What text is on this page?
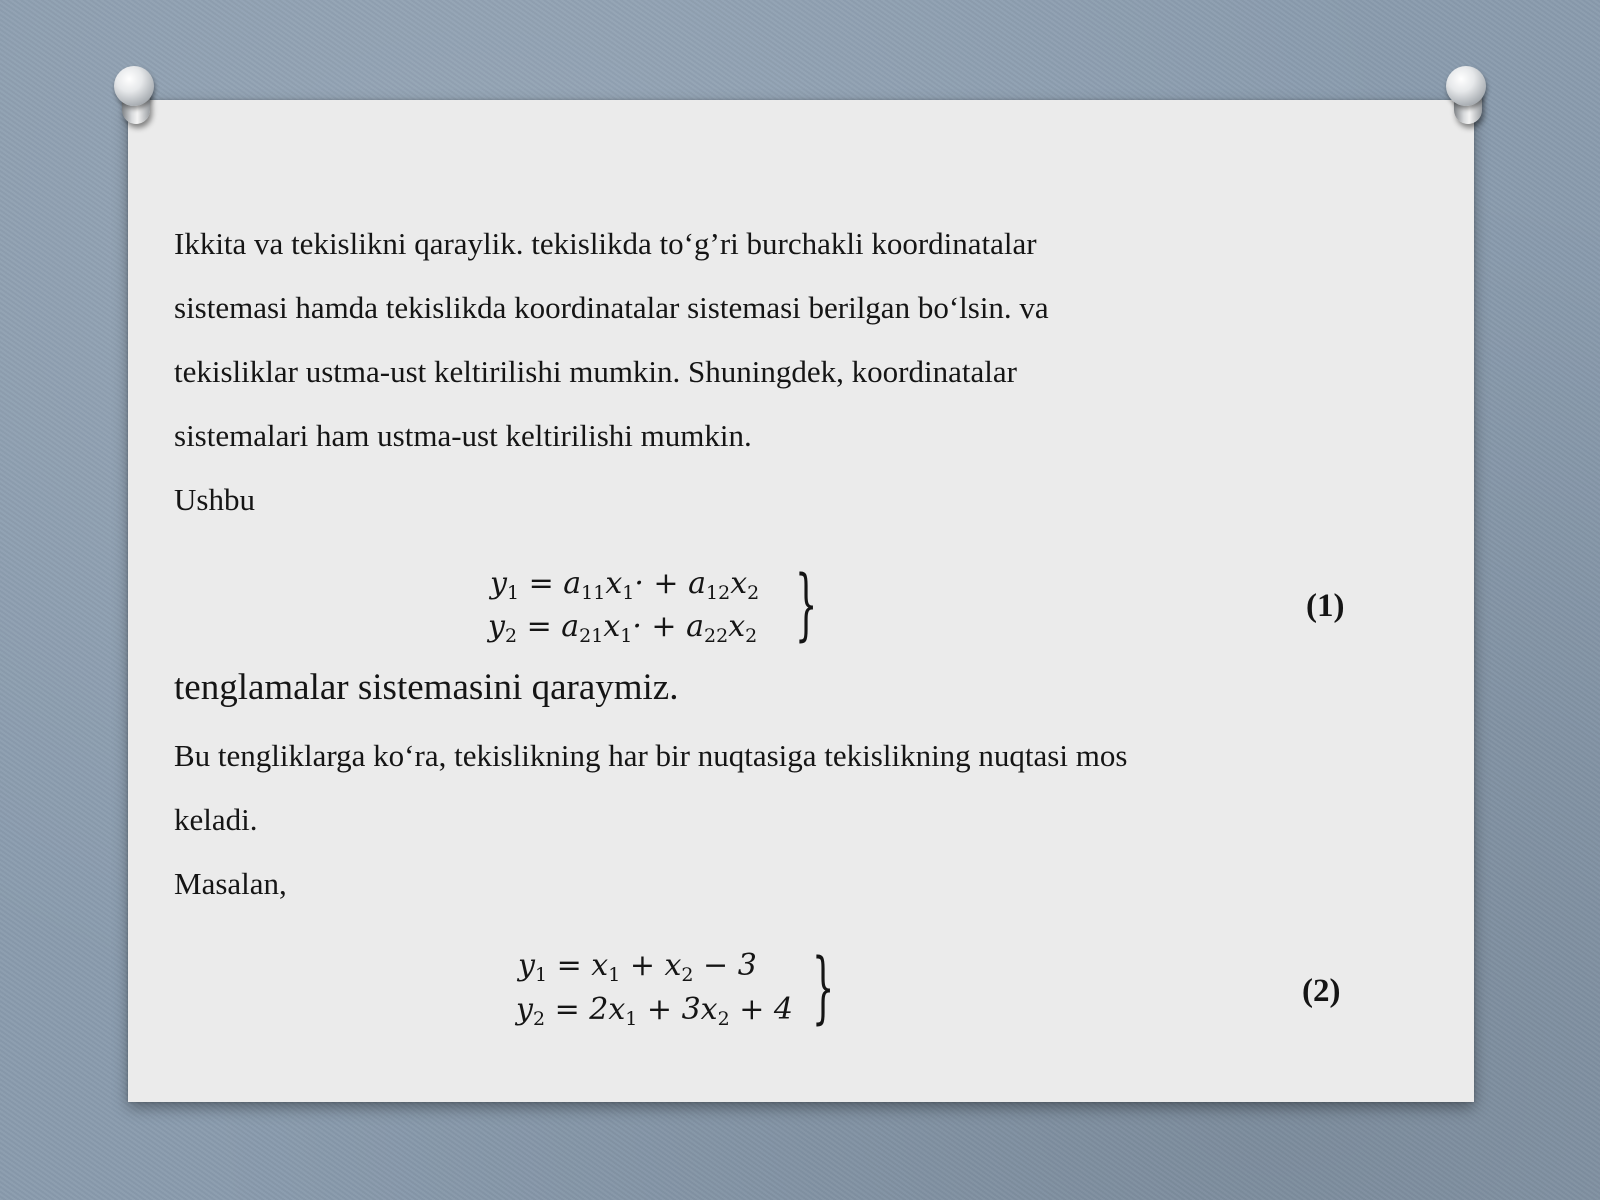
Ikkita va tekislikni qaraylik. tekislikda to‘g’ri burchakli koordinatalar
sistemasi hamda tekislikda koordinatalar sistemasi berilgan bo‘lsin. va
tekisliklar ustma-ust keltirilishi mumkin. Shuningdek, koordinatalar
sistemalari ham ustma-ust keltirilishi mumkin.
Ushbu
$y_1 = a_{11}x_1\cdot + a_{12}x_2$
$y_2 = a_{21}x_1\cdot + a_{22}x_2$ }	(1)
tenglamalar sistemasini qaraymiz.
Bu tengliklarga ko‘ra, tekislikning har bir nuqtasiga tekislikning nuqtasi mos
keladi.
Masalan,
$y_1 = x_1 + x_2 - 3$
$y_2 = 2x_1 + 3x_2 + 4$ }	(2)
